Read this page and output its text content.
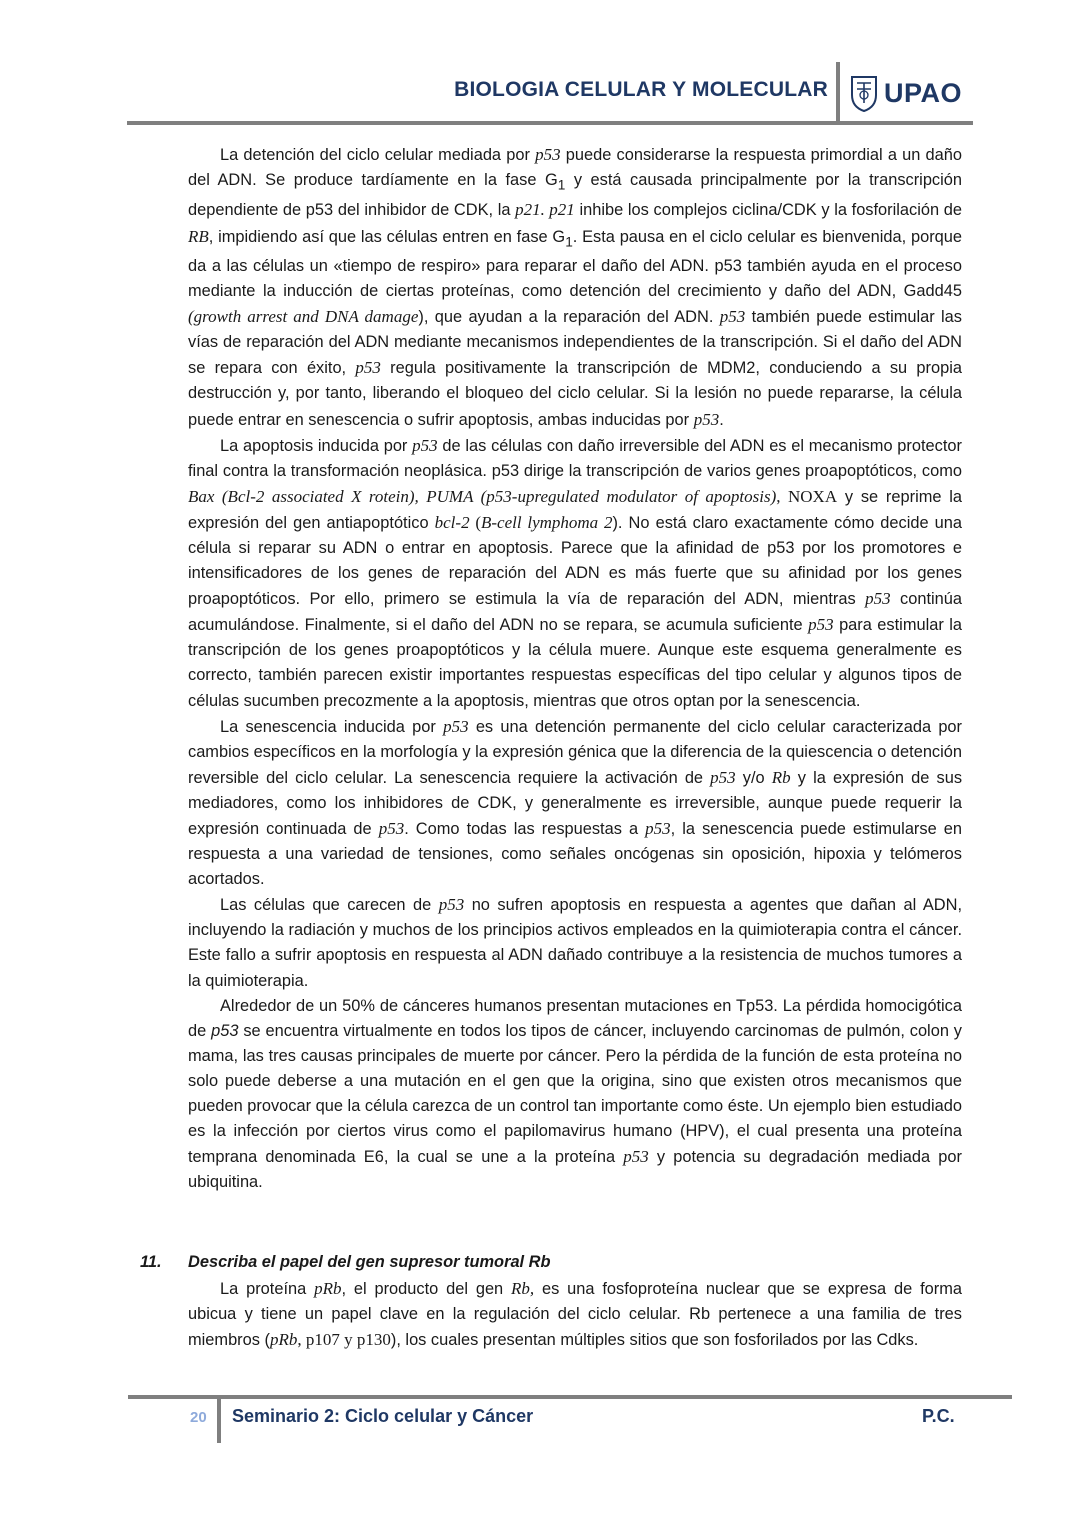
BIOLOGIA CELULAR Y MOLECULAR UPAO

La detención del ciclo celular mediada por p53 puede considerarse la respuesta primordial a un daño del ADN. Se produce tardíamente en la fase $G_1$ y está causada principalmente por la transcripción dependiente de p53 del inhibidor de CDK, la p21. p21 inhibe los complejos ciclina/CDK y la fosforilación de RB, impidiendo así que las células entren en fase $G_1$. Esta pausa en el ciclo celular es bienvenida, porque da a las células un «tiempo de respiro» para reparar el daño del ADN. p53 también ayuda en el proceso mediante la inducción de ciertas proteínas, como detención del crecimiento y daño del ADN, Gadd45 (growth arrest and DNA damage), que ayudan a la reparación del ADN. p53 también puede estimular las vías de reparación del ADN mediante mecanismos independientes de la transcripción. Si el daño del ADN se repara con éxito, p53 regula positivamente la transcripción de MDM2, conduciendo a su propia destrucción y, por tanto, liberando el bloqueo del ciclo celular. Si la lesión no puede repararse, la célula puede entrar en senescencia o sufrir apoptosis, ambas inducidas por p53.

La apoptosis inducida por p53 de las células con daño irreversible del ADN es el mecanismo protector final contra la transformación neoplásica. p53 dirige la transcripción de varios genes proapoptóticos, como Bax (Bcl-2 associated X rotein), PUMA (p53-upregulated modulator of apoptosis), NOXA y se reprime la expresión del gen antiapoptótico bcl-2 (B-cell lymphoma 2). No está claro exactamente cómo decide una célula si reparar su ADN o entrar en apoptosis. Parece que la afinidad de p53 por los promotores e intensificadores de los genes de reparación del ADN es más fuerte que su afinidad por los genes proapoptóticos. Por ello, primero se estimula la vía de reparación del ADN, mientras p53 continúa acumulándose. Finalmente, si el daño del ADN no se repara, se acumula suficiente p53 para estimular la transcripción de los genes proapoptóticos y la célula muere. Aunque este esquema generalmente es correcto, también parecen existir importantes respuestas específicas del tipo celular y algunos tipos de células sucumben precozmente a la apoptosis, mientras que otros optan por la senescencia.

La senescencia inducida por p53 es una detención permanente del ciclo celular caracterizada por cambios específicos en la morfología y la expresión génica que la diferencia de la quiescencia o detención reversible del ciclo celular. La senescencia requiere la activación de p53 y/o Rb y la expresión de sus mediadores, como los inhibidores de CDK, y generalmente es irreversible, aunque puede requerir la expresión continuada de p53. Como todas las respuestas a p53, la senescencia puede estimularse en respuesta a una variedad de tensiones, como señales oncógenas sin oposición, hipoxia y telómeros acortados.

Las células que carecen de p53 no sufren apoptosis en respuesta a agentes que dañan al ADN, incluyendo la radiación y muchos de los principios activos empleados en la quimioterapia contra el cáncer. Este fallo a sufrir apoptosis en respuesta al ADN dañado contribuye a la resistencia de muchos tumores a la quimioterapia.

Alrededor de un 50% de cánceres humanos presentan mutaciones en Tp53. La pérdida homocigótica de p53 se encuentra virtualmente en todos los tipos de cáncer, incluyendo carcinomas de pulmón, colon y mama, las tres causas principales de muerte por cáncer. Pero la pérdida de la función de esta proteína no solo puede deberse a una mutación en el gen que la origina, sino que existen otros mecanismos que pueden provocar que la célula carezca de un control tan importante como éste. Un ejemplo bien estudiado es la infección por ciertos virus como el papilomavirus humano (HPV), el cual presenta una proteína temprana denominada E6, la cual se une a la proteína p53 y potencia su degradación mediada por ubiquitina.

11.	Describa el papel del gen supresor tumoral Rb

La proteína pRb, el producto del gen Rb, es una fosfoproteína nuclear que se expresa de forma ubicua y tiene un papel clave en la regulación del ciclo celular. Rb pertenece a una familia de tres miembros (pRb, p107 y p130), los cuales presentan múltiples sitios que son fosforilados por las Cdks.

20 Seminario 2: Ciclo celular y Cáncer	P.C.
